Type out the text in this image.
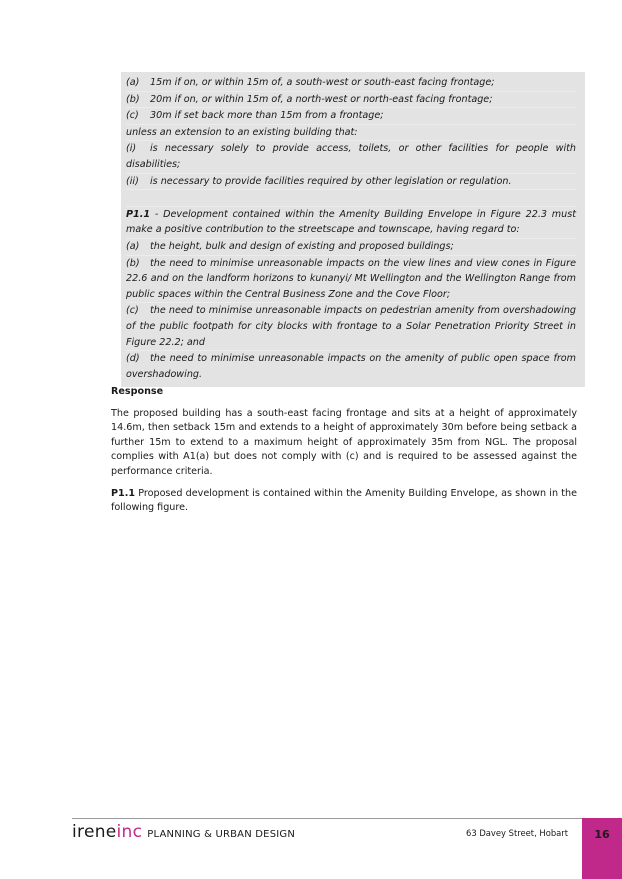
(a) 15m if on, or within 15m of, a south-west or south-east facing frontage;
(b) 20m if on, or within 15m of, a north-west or north-east facing frontage;
(c) 30m if set back more than 15m from a frontage;
unless an extension to an existing building that:
(i) is necessary solely to provide access, toilets, or other facilities for people with disabilities;
(ii) is necessary to provide facilities required by other legislation or regulation.
P1.1 - Development contained within the Amenity Building Envelope in Figure 22.3 must make a positive contribution to the streetscape and townscape, having regard to:
(a) the height, bulk and design of existing and proposed buildings;
(b) the need to minimise unreasonable impacts on the view lines and view cones in Figure 22.6 and on the landform horizons to kunanyi/ Mt Wellington and the Wellington Range from public spaces within the Central Business Zone and the Cove Floor;
(c) the need to minimise unreasonable impacts on pedestrian amenity from overshadowing of the public footpath for city blocks with frontage to a Solar Penetration Priority Street in Figure 22.2; and
(d) the need to minimise unreasonable impacts on the amenity of public open space from overshadowing.
Response

The proposed building has a south-east facing frontage and sits at a height of approximately 14.6m, then setback 15m and extends to a height of approximately 30m before being setback a further 15m to extend to a maximum height of approximately 35m from NGL. The proposal complies with A1(a) but does not comply with (c) and is required to be assessed against the performance criteria.

P1.1 Proposed development is contained within the Amenity Building Envelope, as shown in the following figure.

irene inc PLANNING & URBAN DESIGN	63 Davey Street, Hobart	16
